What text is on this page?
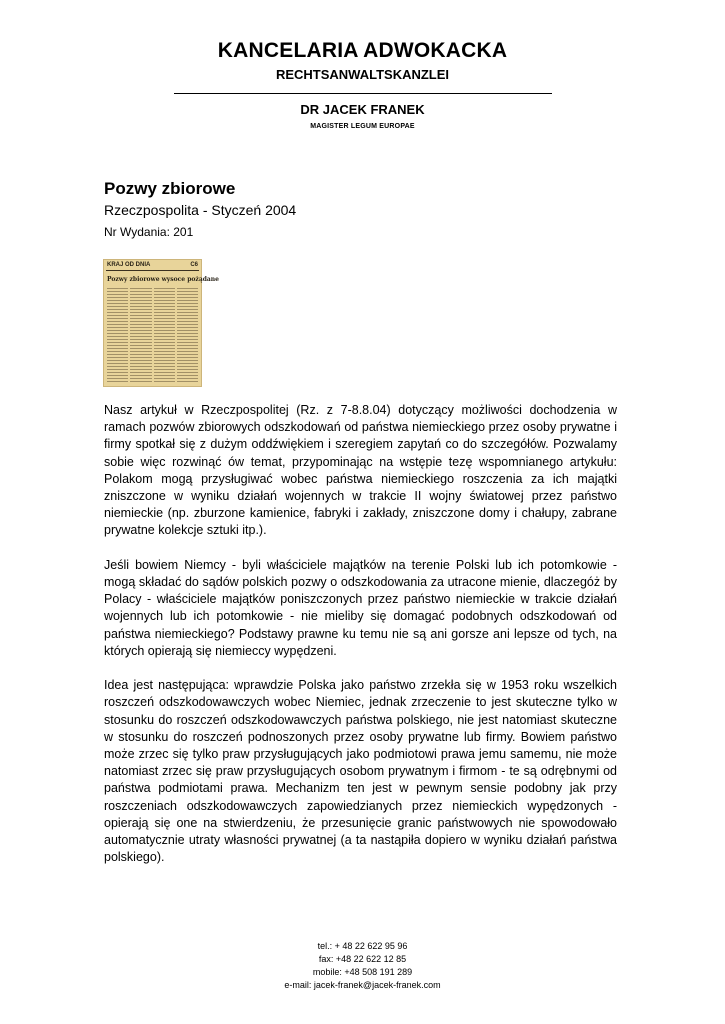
KANCELARIA ADWOKACKA
RECHTSANWALTSKANZLEI
DR JACEK FRANEK
MAGISTER LEGUM EUROPAE
Pozwy zbiorowe
Rzeczpospolita - Styczeń 2004
Nr Wydania: 201
KRAJ OD DNIA	C6
Pozwy zbiorowe wysoce pożądane

Nasz artykuł w Rzeczpospolitej (Rz. z 7-8.8.04) dotyczący możliwości dochodzenia w ramach pozwów zbiorowych odszkodowań od państwa niemieckiego przez osoby prywatne i firmy spotkał się z dużym oddźwiękiem i szeregiem zapytań co do szczegółów. Pozwalamy sobie więc rozwinąć ów temat, przypominając na wstępie tezę wspomnianego artykułu: Polakom mogą przysługiwać wobec państwa niemieckiego roszczenia za ich majątki zniszczone w wyniku działań wojennych w trakcie II wojny światowej przez państwo niemieckie (np. zburzone kamienice, fabryki i zakłady, zniszczone domy i chałupy, zabrane prywatne kolekcje sztuki itp.).

Jeśli bowiem Niemcy - byli właściciele majątków na terenie Polski lub ich potomkowie - mogą składać do sądów polskich pozwy o odszkodowania za utracone mienie, dlaczegóż by Polacy - właściciele majątków poniszczonych przez państwo niemieckie w trakcie działań wojennych lub ich potomkowie - nie mieliby się domagać podobnych odszkodowań od państwa niemieckiego? Podstawy prawne ku temu nie są ani gorsze ani lepsze od tych, na których opierają się niemieccy wypędzeni.

Idea jest następująca: wprawdzie Polska jako państwo zrzekła się w 1953 roku wszelkich roszczeń odszkodowawczych wobec Niemiec, jednak zrzeczenie to jest skuteczne tylko w stosunku do roszczeń odszkodowawczych państwa polskiego, nie jest natomiast skuteczne w stosunku do roszczeń podnoszonych przez osoby prywatne lub firmy. Bowiem państwo może zrzec się tylko praw przysługujących jako podmiotowi prawa jemu samemu, nie może natomiast zrzec się praw przysługujących osobom prywatnym i firmom - te są odrębnymi od państwa podmiotami prawa. Mechanizm ten jest w pewnym sensie podobny jak przy roszczeniach odszkodowawczych zapowiedzianych przez niemieckich wypędzonych - opierają się one na stwierdzeniu, że przesunięcie granic państwowych nie spowodowało automatycznie utraty własności prywatnej (a ta nastąpiła dopiero w wyniku działań państwa polskiego).

tel.: + 48 22 622 95 96
fax: +48 22 622 12 85
mobile: +48 508 191 289
e-mail: jacek-franek@jacek-franek.com
